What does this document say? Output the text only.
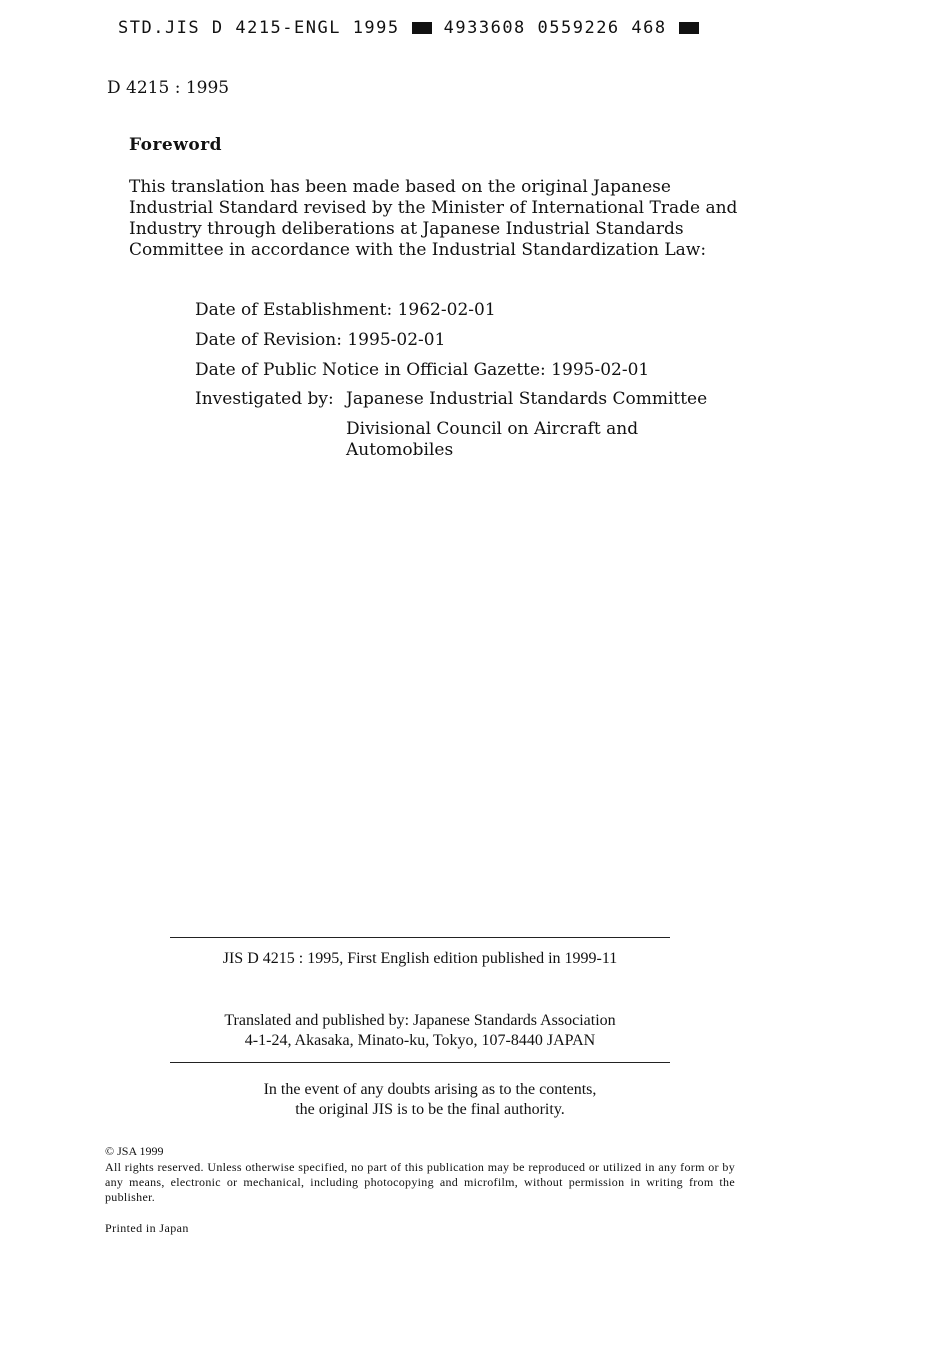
STD.JIS D 4215-ENGL 1995	4933608 0559226 468
D 4215 : 1995
Foreword

This translation has been made based on the original Japanese Industrial Standard revised by the Minister of International Trade and Industry through deliberations at Japanese Industrial Standards Committee in accordance with the Industrial Standardization Law:

Date of Establishment: 1962-02-01
Date of Revision: 1995-02-01
Date of Public Notice in Official Gazette: 1995-02-01
Investigated by: Japanese Industrial Standards Committee
Divisional Council on Aircraft and
Automobiles
JIS D 4215 : 1995, First English edition published in 1999-11
Translated and published by: Japanese Standards Association
4-1-24, Akasaka, Minato-ku, Tokyo, 107-8440 JAPAN
In the event of any doubts arising as to the contents,
the original JIS is to be the final authority.
© JSA 1999
All rights reserved. Unless otherwise specified, no part of this publication may be reproduced or utilized in any form or by any means, electronic or mechanical, including photocopying and microfilm, without permission in writing from the publisher.
Printed in Japan
